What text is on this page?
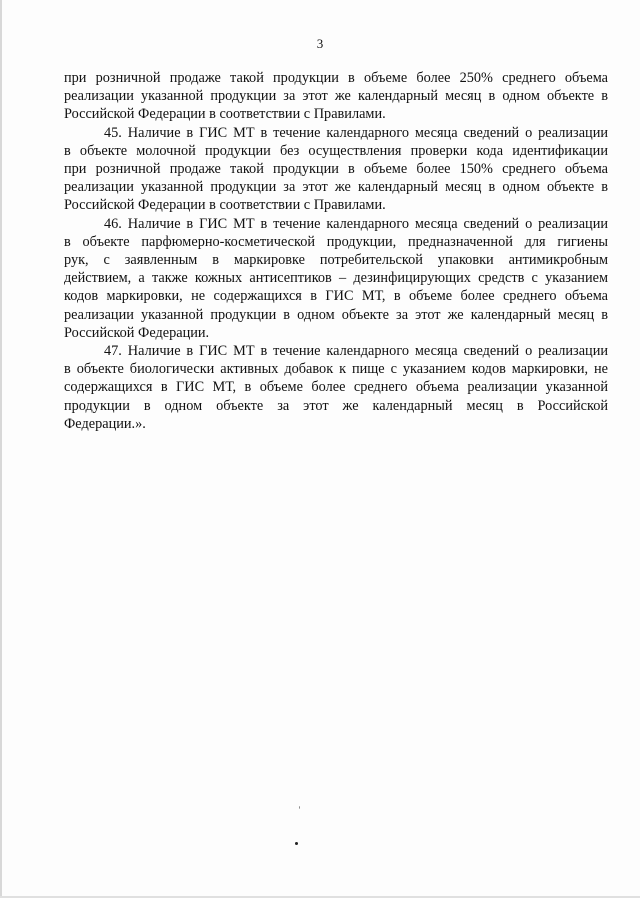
3

при розничной продаже такой продукции в объеме более 250% среднего объема
реализации указанной продукции за этот же календарный месяц в одном объекте в
Российской Федерации в соответствии с Правилами.

45. Наличие в ГИС МТ в течение календарного месяца сведений о реализации
в объекте молочной продукции без осуществления проверки кода идентификации
при розничной продаже такой продукции в объеме более 150% среднего объема
реализации указанной продукции за этот же календарный месяц в одном объекте в
Российской Федерации в соответствии с Правилами.

46. Наличие в ГИС МТ в течение календарного месяца сведений о реализации
в объекте парфюмерно-косметической продукции, предназначенной для гигиены
рук, с заявленным в маркировке потребительской упаковки антимикробным
действием, а также кожных антисептиков – дезинфицирующих средств с указанием
кодов маркировки, не содержащихся в ГИС МТ, в объеме более среднего объема
реализации указанной продукции в одном объекте за этот же календарный месяц в
Российской Федерации.

47. Наличие в ГИС МТ в течение календарного месяца сведений о реализации
в объекте биологически активных добавок к пище с указанием кодов маркировки, не
содержащихся в ГИС МТ, в объеме более среднего объема реализации указанной
продукции в одном объекте за этот же календарный месяц в Российской
Федерации.».
